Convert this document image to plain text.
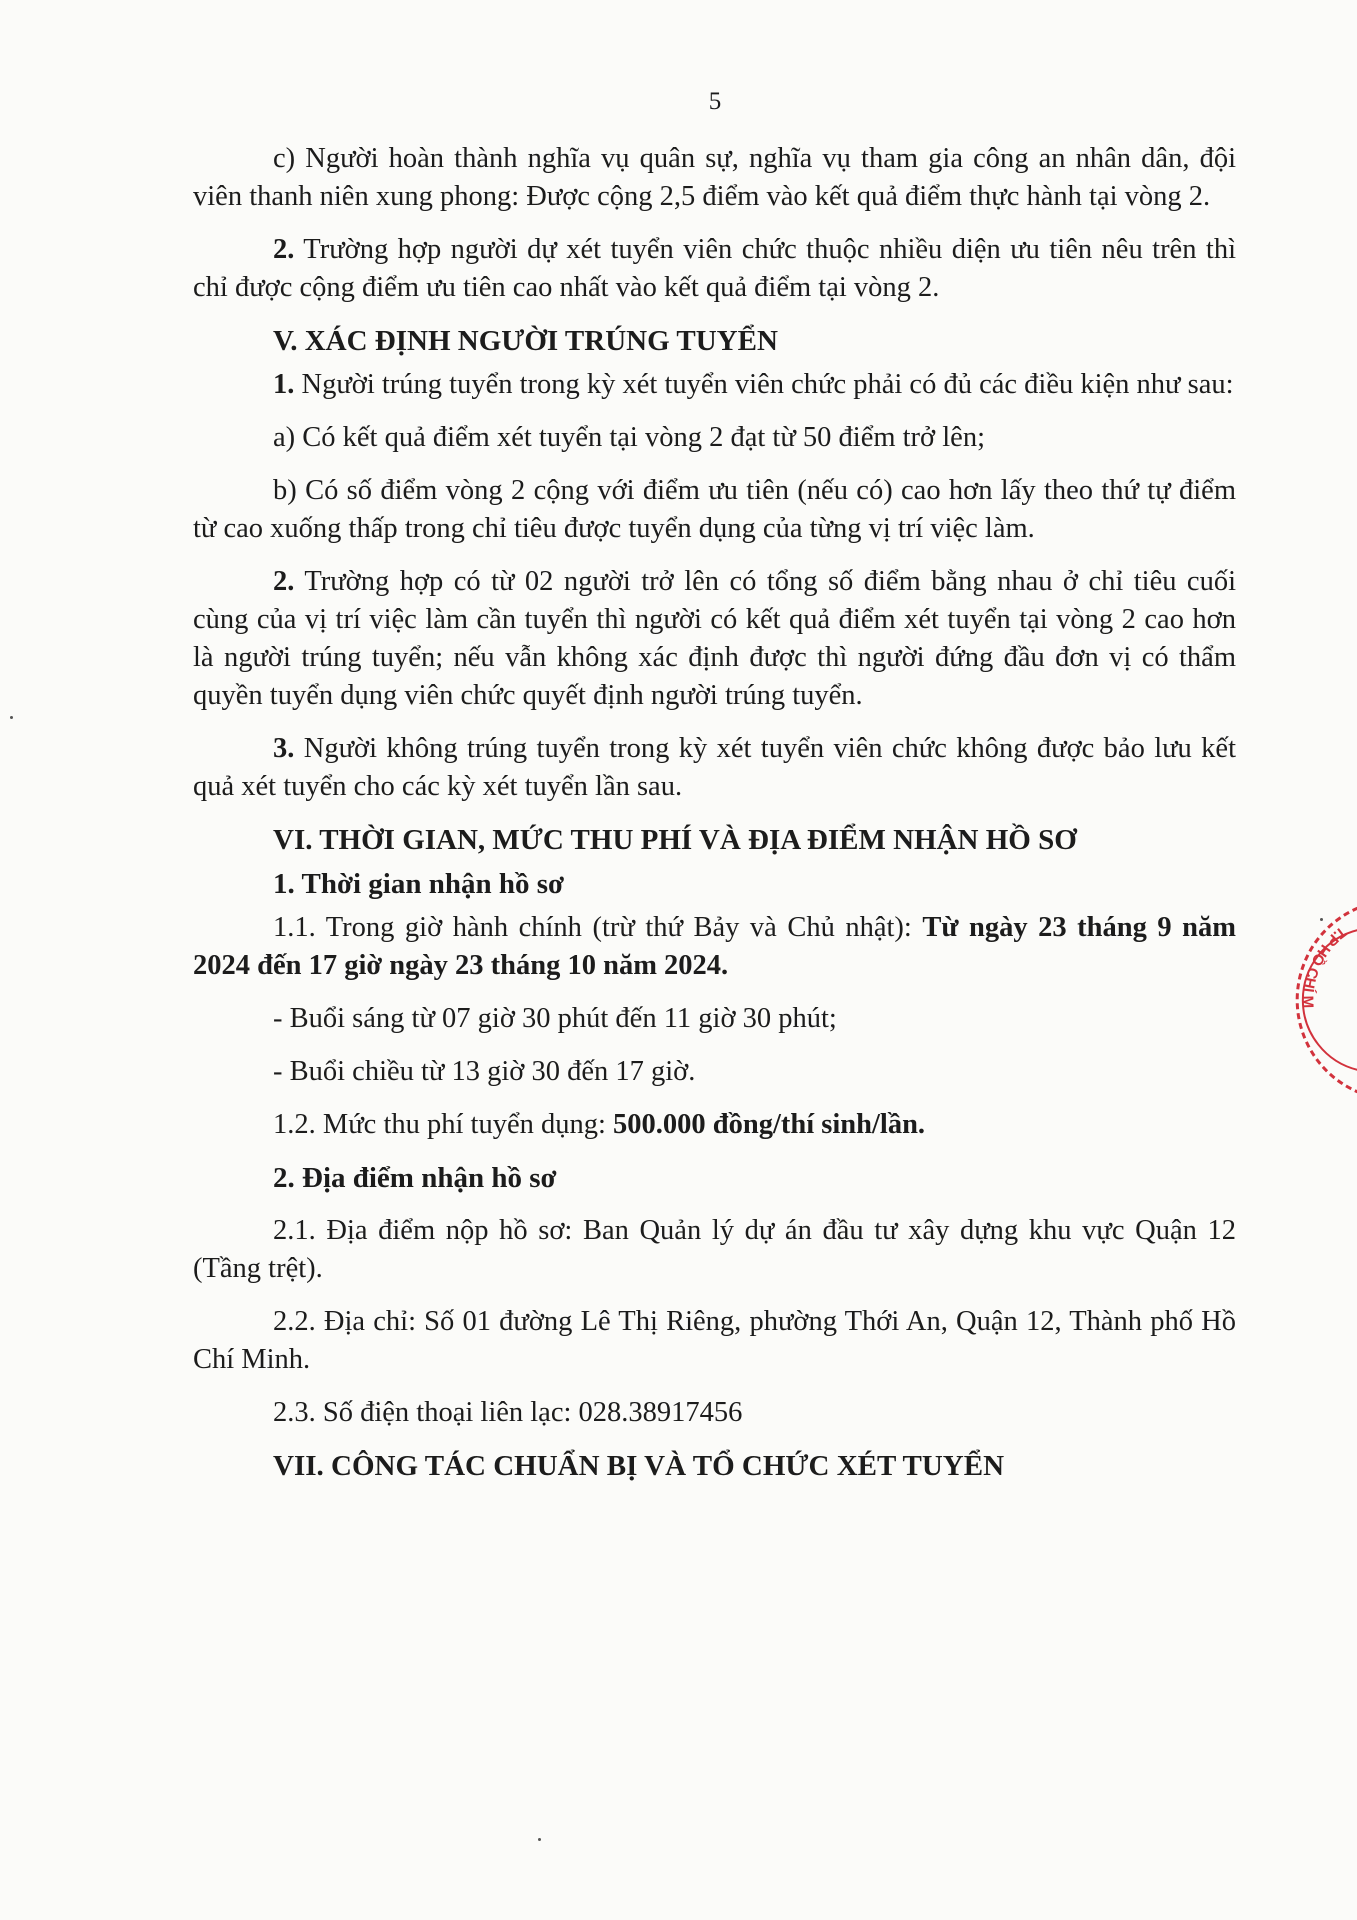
5

c) Người hoàn thành nghĩa vụ quân sự, nghĩa vụ tham gia công an nhân dân, đội viên thanh niên xung phong: Được cộng 2,5 điểm vào kết quả điểm thực hành tại vòng 2.

2. Trường hợp người dự xét tuyển viên chức thuộc nhiều diện ưu tiên nêu trên thì chỉ được cộng điểm ưu tiên cao nhất vào kết quả điểm tại vòng 2.

V. XÁC ĐỊNH NGƯỜI TRÚNG TUYỂN

1. Người trúng tuyển trong kỳ xét tuyển viên chức phải có đủ các điều kiện như sau:

a) Có kết quả điểm xét tuyển tại vòng 2 đạt từ 50 điểm trở lên;

b) Có số điểm vòng 2 cộng với điểm ưu tiên (nếu có) cao hơn lấy theo thứ tự điểm từ cao xuống thấp trong chỉ tiêu được tuyển dụng của từng vị trí việc làm.

2. Trường hợp có từ 02 người trở lên có tổng số điểm bằng nhau ở chỉ tiêu cuối cùng của vị trí việc làm cần tuyển thì người có kết quả điểm xét tuyển tại vòng 2 cao hơn là người trúng tuyển; nếu vẫn không xác định được thì người đứng đầu đơn vị có thẩm quyền tuyển dụng viên chức quyết định người trúng tuyển.

3. Người không trúng tuyển trong kỳ xét tuyển viên chức không được bảo lưu kết quả xét tuyển cho các kỳ xét tuyển lần sau.

VI. THỜI GIAN, MỨC THU PHÍ VÀ ĐỊA ĐIỂM NHẬN HỒ SƠ

1. Thời gian nhận hồ sơ

1.1. Trong giờ hành chính (trừ thứ Bảy và Chủ nhật): Từ ngày 23 tháng 9 năm 2024 đến 17 giờ ngày 23 tháng 10 năm 2024.

- Buổi sáng từ 07 giờ 30 phút đến 11 giờ 30 phút;

- Buổi chiều từ 13 giờ 30 đến 17 giờ.

1.2. Mức thu phí tuyển dụng: 500.000 đồng/thí sinh/lần.

2. Địa điểm nhận hồ sơ

2.1. Địa điểm nộp hồ sơ: Ban Quản lý dự án đầu tư xây dựng khu vực Quận 12 (Tầng trệt).

2.2. Địa chỉ: Số 01 đường Lê Thị Riêng, phường Thới An, Quận 12, Thành phố Hồ Chí Minh.

2.3. Số điện thoại liên lạc: 028.38917456

VII. CÔNG TÁC CHUẨN BỊ VÀ TỔ CHỨC XÉT TUYỂN

T.P HỒ CHÍ M
